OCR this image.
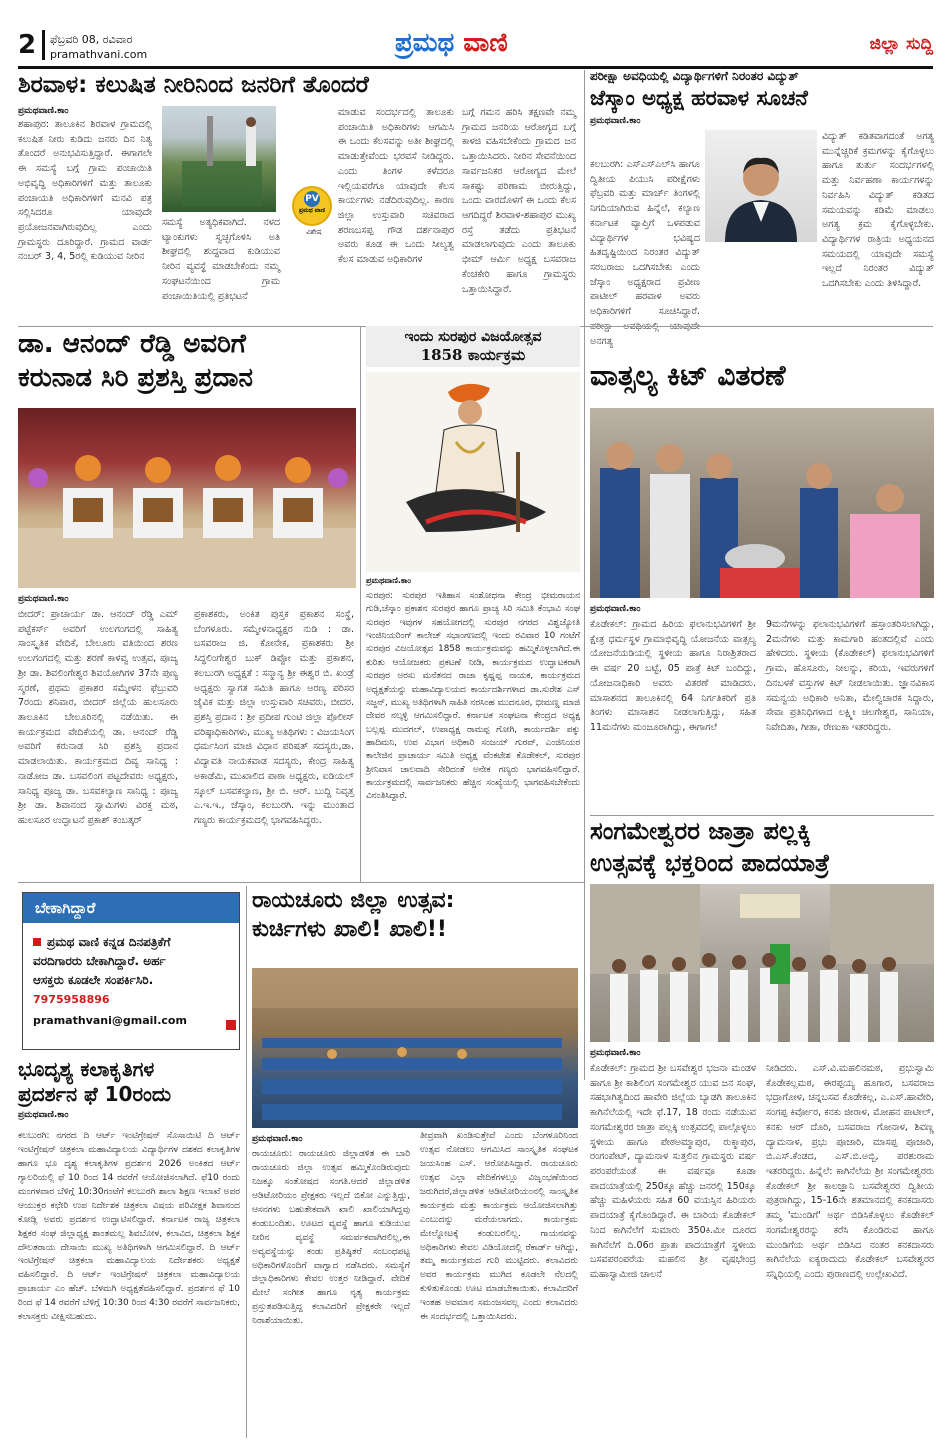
2 ಫೆಬ್ರವರಿ 08, ರವಿವಾರ
pramathvani.com	ಪ್ರಮಥ ವಾಣಿ	ಜಿಲ್ಲಾ ಸುದ್ದಿ
ಶಿರವಾಳ: ಕಲುಷಿತ ನೀರಿನಿಂದ ಜನರಿಗೆ ತೊಂದರೆ
ಪ್ರಮಥವಾಣಿ.ಕಾಂ
ಶಹಾಪುರ: ತಾಲೂಕಿನ ಶಿರವಾಳ ಗ್ರಾಮದಲ್ಲಿ ಕಲುಷಿತ ನೀರು ಕುಡಿದು ಜನರು ದಿನ ನಿತ್ಯ ತೊಂದರೆ ಅನುಭವಿಸುತ್ತಿದ್ದಾರೆ. ಈಗಾಗಲೇ ಈ ಸಮಸ್ಯೆ ಬಗ್ಗೆ ಗ್ರಾಮ ಪಂಚಾಯಿತಿ ಅಭಿವೃದ್ಧಿ ಅಧಿಕಾರಿಗಳಿಗೆ ಮತ್ತು ತಾಲೂಕು ಪಂಚಾಯತಿ ಅಧಿಕಾರಿಗಳಿಗೆ ಮನವಿ ಪತ್ರ ಸಲ್ಲಿಸಿದರೂ ಯಾವುದೇ ಪ್ರಯೋಜನವಾಗಿರುವುದಿಲ್ಲ ಎಂದು ಗ್ರಾಮಸ್ಥರು ದೂರಿದ್ದಾರೆ. ಗ್ರಾಮದ ವಾರ್ಡ ನಂಬರ್ 3, 4, 5ರಲ್ಲಿ ಕುಡಿಯುವ ನೀರಿನ
ಸಮಸ್ಯೆ ಅತ್ಯಧಿಕವಾಗಿದೆ. ನಳದ ಟ್ಯಾಂಕುಗಳು ಸ್ವಚ್ಛಗೊಳಿಸಿ ಅತಿ ಶೀಘ್ರದಲ್ಲಿ ಶುದ್ಧವಾದ ಕುಡಿಯುವ ನೀರಿನ ವ್ಯವಸ್ಥೆ ಮಾಡಬೇಕೆಂದು ನಮ್ಮ ಸಂಘಟನೆಯಿಂದ ಗ್ರಾಮ ಪಂಚಾಯಿತಿಯಲ್ಲಿ ಪ್ರತಿಭಟನೆ
PV
ಪ್ರಮಥ ವಾಣಿ
ವಿಶೇಷ
ಮಾಡುವ ಸಂದರ್ಭದಲ್ಲಿ ತಾಲೂಕು ಪಂಚಾಯಿತಿ ಅಧಿಕಾರಿಗಳು ಆಗಮಿಸಿ ಈ ಒಂದು ಕೆಲಸವನ್ನು ಅತೀ ಶೀಘ್ರದಲ್ಲಿ ಮಾಡುತ್ತೇವೆಂದು ಭರವಸೆ ನೀಡಿದ್ದರು. ಎಂದು ತಿಂಗಳ ಕಳೆದರೂ ಇಲ್ಲಿಯವರೆಗೂ ಯಾವುದೇ ಕೆಲಸ ಕಾರ್ಯಗಳು ನಡೆದಿರುವುದಿಲ್ಲ. ಕಾರಣ ಜಿಲ್ಲಾ ಉಸ್ತುವಾರಿ ಸಚಿವರಾದ ಶರಣಬಸಪ್ಪ ಗೌಡ ದರ್ಶನಾಪುರ ಅವರು ಕೂಡ ಈ ಒಂದು ಸೀಲ್ಯತ್ವ ಕೆಲಸ ಮಾಡುವ ಅಧಿಕಾರಿಗಳ
ಬಗ್ಗೆ ಗಮನ ಹರಿಸಿ ತಕ್ಷಣವೇ ನಮ್ಮ ಗ್ರಾಮದ ಜನರಿಯ ಆರೋಗ್ಯದ ಬಗ್ಗೆ ಕಾಳಜಿ ವಹಿಸಬೇಕೆಂದು ಗ್ರಾಮದ ಜನ ಒತ್ತಾಯಿಸಿದರು. ನೀರಿನ ಸೇವನೆಯಿಂದ ಸಾರ್ವಜನಿಕರ ಆರೋಗ್ಯದ ಮೇಲೆ ಸಾಕಷ್ಟು ಪರಿಣಾಮ ಬೀರುತ್ತಿದ್ದು, ಒಂದು ವಾರದೊಳಗೆ ಈ ಒಂದು ಕೆಲಸ ಆಗದಿದ್ದರೆ ಶಿರವಾಳ-ಶಹಾಪುರ ಮುಖ್ಯ ರಸ್ತೆ ತಡೆದು ಪ್ರತಿಭಟನೆ ಮಾಡಲಾಗುವುದು ಎಂದು ತಾಲೂಕು ಭೀಮ್ ಆರ್ಮಿ ಅಧ್ಯಕ್ಷ ಬಸವರಾಜ ಕೆಂಚಕೇರಿ ಹಾಗೂ ಗ್ರಾಮಸ್ಥರು ಒತ್ತಾಯಿಸಿದ್ದಾರೆ.
ಪರೀಕ್ಷಾ ಅವಧಿಯಲ್ಲಿ ವಿದ್ಯಾರ್ಥಿಗಳಿಗೆ ನಿರಂತರ ವಿದ್ಯುತ್
ಜೆಸ್ಕಾಂ ಅಧ್ಯಕ್ಷ ಹರವಾಳ ಸೂಚನೆ
ಪ್ರಮಥವಾಣಿ.ಕಾಂ
ಕಲಬುರಗಿ: ಎಸ್‌ಎಸ್‌ಎಲ್‌ಸಿ ಹಾಗೂ ದ್ವಿತೀಯ ಪಿಯುಸಿ ಪರೀಕ್ಷೆಗಳು ಫೆಬ್ರವರಿ ಮತ್ತು ಮಾರ್ಚ್ ತಿಂಗಳಲ್ಲಿ ನಿಗದಿಯಾಗಿರುವ ಹಿನ್ನೆಲೆ, ಕಲ್ಯಾಣ ಕರ್ನಾಟಕ ವ್ಯಾಪ್ತಿಗೆ ಒಳಪಡುವ ವಿದ್ಯಾರ್ಥಿಗಳ ಭವಿಷ್ಯದ ಹಿತದೃಷ್ಟಿಯಿಂದ ನಿರಂತರ ವಿದ್ಯುತ್ ಸರಬರಾಜು ಒದಗಿಸಬೇಕು ಎಂದು ಜೆಸ್ಕಾಂ ಅಧ್ಯಕ್ಷರಾದ ಪ್ರವೀಣ ಪಾಟೀಲ್ ಹರವಾಳ ಅವರು ಅಧಿಕಾರಿಗಳಿಗೆ ಸೂಚಿಸಿದ್ದಾರೆ. ಅನಗತ್ಯ
ವಿದ್ಯುತ್ ಕಡಿತವಾಗದಂತೆ ಅಗತ್ಯ ಮುನ್ನೆಚ್ಚರಿಕೆ ಕ್ರಮಗಳನ್ನು ಕೈಗೊಳ್ಳಲು ಹಾಗೂ ತುರ್ತು ಸಂದರ್ಭಗಳಲ್ಲಿ ಮತ್ತು ನಿರ್ವಹಣಾ ಕಾರ್ಯಗಳನ್ನು ನಿರ್ವಹಿಸಿ ವಿದ್ಯುತ್ ಕಡಿತದ ಸಮಯವನ್ನು ಕಡಿಮೆ ಮಾಡಲು ಅಗತ್ಯ ಕ್ರಮ ಕೈಗೊಳ್ಳಬೇಕು. ವಿದ್ಯಾರ್ಥಿಗಳ ರಾತ್ರಿಯ ಅಧ್ಯಯನದ ಸಮಯದಲ್ಲಿ ಯಾವುದೇ ಸಮಸ್ಯೆ ಇಲ್ಲದೆ ನಿರಂತರ ವಿದ್ಯುತ್ ಒದಗಿಸಬೇಕು ಎಂದು ತಿಳಿಸಿದ್ದಾರೆ.
ಡಾ. ಆನಂದ್ ರೆಡ್ಡಿ ಅವರಿಗೆ
ಕರುನಾಡ ಸಿರಿ ಪ್ರಶಸ್ತಿ ಪ್ರದಾನ
ಪ್ರಮಥವಾಣಿ.ಕಾಂ
ಬೀದರ್: ಪ್ರಾಚಾರ್ಯ ಡಾ. ಆನಂದ್ ರೆಡ್ಡಿ ಎಮ್ ಪಟ್ಟೆಕರ್ಸ್ ಅವರಿಗೆ ಉಲಗಂಗದಲ್ಲಿ ಸಾಹಿತ್ಯ ಸಾಂಸ್ಕೃತಿಕ ವೇದಿಕೆ, ಬೇಲೂರು ವತಿಯಿಂದ ಶರಣ ಉಲಗಂಗದಲ್ಲಿ ಮತ್ತು ಶರಣೆ ಕಾಳವ್ವ ಉತ್ಸವ, ಪೂಜ್ಯ ಶ್ರೀ ಡಾ. ಶಿವಲಿಂಗೇಶ್ವರ ಶಿವಯೋಗಿಗಳ 37ನೇ ಪುಣ್ಯ ಸ್ಮರಣೆ, ಪ್ರಥಮ ಪ್ರಕಾಶರ ಸಮ್ಮೇಳನ ಫೆಬ್ರುವರಿ 7ರಂದು ಶನಿವಾರ, ಬೀದರ್ ಜಿಲ್ಲೆಯ ಹುಲಸೂರು ತಾಲೂಕಿನ ಬೇಲೂರಿನಲ್ಲಿ ನಡೆಯಿತು. ಈ ಕಾರ್ಯಕ್ರಮದ ವೇದಿಕೆಯಲ್ಲಿ ಡಾ. ಆನಂದ್ ರೆಡ್ಡಿ ಅವರಿಗೆ ಕರುನಾಡ ಸಿರಿ ಪ್ರಶಸ್ತಿ ಪ್ರದಾನ ಮಾಡಲಾಯಿತು. ಕಾರ್ಯಕ್ರಮದ ದಿವ್ಯ ಸಾನಿಧ್ಯ : ನಾಡೋಜ ಡಾ. ಬಸವಲಿಂಗ ಪಟ್ಟದೇವರು ಅಧ್ಯಕ್ಷರು, ಸಾನಿಧ್ಯ ಪೂಜ್ಯ ಡಾ. ಬಸವಕಲ್ಯಾಣ ಸಾನಿಧ್ಯ : ಪೂಜ್ಯ ಶ್ರೀ ಡಾ. ಶಿವಾನಂದ ಸ್ವಾಮಿಗಳು ವಿರಕ್ತ ಮಠ, ಹುಲಸೂರ ಉದ್ಘಾಟನೆ ಪ್ರಕಾಶ್ ಕಂಬತ್ಕರ್
ಪ್ರಕಾಶಕರು, ಅಂಕಿತ ಪುಸ್ತಕ ಪ್ರಕಾಶನ ಸಂಸ್ಥೆ, ಬೆಂಗಳೂರು. ಸಮ್ಮೇಳನಾಧ್ಯಕ್ಷರ ನುಡಿ : ಡಾ. ಬಸವರಾಜ ಜಿ. ಕೋನೇಕ, ಪ್ರಕಾಶಕರು ಶ್ರೀ ಸಿದ್ಧಲಿಂಗೇಶ್ವರ ಬುಕ್ ಡಿಪ್ಪೋ ಮತ್ತು ಪ್ರಕಾಶನ, ಕಲಬುರಗಿ ಅಧ್ಯಕ್ಷತೆ : ಸನ್ಮಾನ್ಯ ಶ್ರೀ ಈಶ್ವರ ಬಿ. ಖಂಡ್ರೆ ಅಧ್ಯಕ್ಷರು ಸ್ವಾಗತ ಸಮಿತಿ ಹಾಗೂ ಅರಣ್ಯ ಪರಿಸರ ಜೈವಿಕ ಮತ್ತು ಜಿಲ್ಲಾ ಉಸ್ತುವಾರಿ ಸಚಿವರು, ಬೀದರ. ಪ್ರಶಸ್ತಿ ಪ್ರದಾನ : ಶ್ರೀ ಪ್ರದೀಪ ಗುಂಟಿ ಜಿಲ್ಲಾ ಪೊಲೀಸ್ ವರಿಷ್ಠಾಧಿಕಾರಿಗಳು, ಮುಖ್ಯ ಅತಿಥಿಗಳು : ವಿಜಯಸಿಂಗ ಧರ್ಮಸಿಂಗ ಮಾಜಿ ವಿಧಾನ ಪರಿಷತ್ ಸದಸ್ಯರು,ಡಾ. ವಿದ್ಯಾವತಿ ನಾಯಕವಾಡ ಸದಸ್ಯರು, ಕೇಂದ್ರ ಸಾಹಿತ್ಯ ಅಕಾಡೆಮಿ, ಮುಖಾಲಿದ ಪಾಠಾ ಅಧ್ಯಕ್ಷರು, ಐಡಿಯಲ್ ಸ್ಕೂಲ್ ಬಸವಕಲ್ಯಾಣ, ಶ್ರೀ ಬಿ. ಆರ್. ಬುದ್ದಿ ನಿವೃತ್ತ ಎ.ಇ.ಇ., ಜೆಸ್ಕಾಂ, ಕಲಬುರಗಿ. ಇನ್ನು ಮುಂತಾದ ಗಣ್ಯರು ಕಾರ್ಯಕ್ರಮದಲ್ಲಿ ಭಾಗವಹಿಸಿದ್ದರು.
ಇಂದು ಸುರಪುರ ವಿಜಯೋತ್ಸವ
1858 ಕಾರ್ಯಕ್ರಮ
ಪ್ರಮಥವಾಣಿ.ಕಾಂ
ಸುರಪುರ: ಸುರಪುರ ಇತಿಹಾಸ ಸಂಶೋಧನಾ ಕೇಂದ್ರ ಭೀಮರಾಯನ ಗುಡಿ,ಜೆಸ್ಕಾಂ ಪ್ರಕಾಶನ ಸುರಪುರ ಹಾಗೂ ಪ್ರಾಚ್ಯ ಸಿರಿ ಸಮಿತಿ ಕೆಂಭಾವಿ ಸಂಘ ಸುರಪುರ ಇವುಗಳ ಸಹಯೋಗದಲ್ಲಿ ಸುರಪುರ ನಗರದ ವಿಶ್ವಜ್ಯೋತಿ ಇಂಜಿನಿಯರಿಂಗ್ ಕಾಲೇಜ್ ಸಭಾಂಗಣದಲ್ಲಿ ಇಂದು ರವಿವಾರ 10 ಗಂಟೆಗೆ ಸುರಪುರ ವಿಜಯೋತ್ಸವ 1858 ಕಾರ್ಯಕ್ರಮವನ್ನು ಹಮ್ಮಿಕೊಳ್ಳಲಾಗಿದೆ.ಈ ಕುರಿತು ಆಯೋಜಕರು ಪ್ರಕಟಣೆ ನೀಡಿ, ಕಾರ್ಯಕ್ರಮದ ಉದ್ಘಾಟಕರಾಗಿ ಸುರಪುರ ಅರಸು ಮನೆತನದ ರಾಜಾ ಕೃಷ್ಣಪ್ಪ ನಾಯಕ, ಕಾರ್ಯಕ್ರಮದ ಅಧ್ಯಕ್ಷತೆಯನ್ನು ಮಹಾವಿದ್ಯಾಲಯದ ಕಾರ್ಯದರ್ಶಿಗಳಾದ ಡಾ.ಸುರೇಶ ಎಸ್ ಸಜ್ಜನ್, ಮುಖ್ಯ ಅತಿಥಿಗಳಾಗಿ ಸಾಹಿತಿ ನರಸಿಂಹ ಮುದನೂರ, ಭೀಮಣ್ಣ ಮಾಜಿ ದೇವರ ನಲ್ಕಳ್ಳಿ ಆಗಮಿಸಲಿದ್ದಾರೆ. ಕರ್ನಾಟಕ ಸಂಘಟನಾ ಕೇಂದ್ರದ ಅಧ್ಯಕ್ಷ ಬಲ್ಲಪ್ಪ ಮುದಗಲ್, ಉಪಾಧ್ಯಕ್ಷ ರಾಮಪ್ಪ ಗೋಗಿ, ಕಾರ್ಯದರ್ಶಿ ಪಕ್ಕು ಹಾದಿಮನಿ, ಉಪ ವಿಭಾಗ ಅಧಿಕಾರಿ ಸಂಜಯ್ ಗುರವ್, ಎಂಜಿನಿಯರ ಕಾಲೇಜಿನ ಪ್ರಾಚಾರ್ಯ ಸಮಿತಿ ಅಧ್ಯಕ್ಷ ವೆಂಕಟೇಶ ಕೊಡೇಕಲ್, ಸುರಪುರ ಶ್ರೀನಿವಾಸ ಜಾಲವಾದಿ ಸೇರಿದಂತೆ ಅನೇಕ ಗಣ್ಯರು ಭಾಗವಹಿಸಲಿದ್ದಾರೆ. ಕಾರ್ಯಕ್ರಮದಲ್ಲಿ ಸಾರ್ವಜನಿಕರು ಹೆಚ್ಚಿನ ಸಂಖ್ಯೆಯಲ್ಲಿ ಭಾಗವಹಿಸಬೇಕೆಂದು ವಿನಂತಿಸಿದ್ದಾರೆ.
ವಾತ್ಸಲ್ಯ ಕಿಟ್ ವಿತರಣೆ
ಪ್ರಮಥವಾಣಿ.ಕಾಂ
ಕೊಡೇಕಲ್: ಗ್ರಾಮದ ಹಿರಿಯ ಫಲಾನುಭವಿಗಳಿಗೆ ಶ್ರೀ ಕ್ಷೇತ್ರ ಧರ್ಮಸ್ಥಳ ಗ್ರಾಮಾಭಿವೃದ್ಧಿ ಯೋಜನೆಯ ವಾತ್ಸಲ್ಯ ಯೋಜನೆಯಡಿಯಲ್ಲಿ ಸ್ಥಳೀಯ ಹಾಗೂ ನಿರಾಶ್ರಿತರಾದ ಈ ವರ್ಷ 20 ಬಟ್ಟೆ, 05 ಪಾತ್ರೆ ಕಿಟ್ ಬಂದಿದ್ದು, ಯೋಜನಾಧಿಕಾರಿ ಅವರು ವಿತರಣೆ ಮಾಡಿದರು. ಮಾಸಾಶನದ ತಾಲೂಕಿನಲ್ಲಿ 64 ನಿರ್ಗತಿಕರಿಗೆ ಪ್ರತಿ ತಿಂಗಳು ಮಾಸಾಶನ ನೀಡಲಾಗುತ್ತಿದ್ದು, ಸಹಿತ 11ಮನೆಗಳು ಮಂಜೂರಾಗಿದ್ದು, ಈಗಾಗಲೆ
9ಮನೆಗಳನ್ನು ಫಲಾನುಭವಿಗಳಿಗೆ ಹಸ್ತಾಂತರಿಸಲಾಗಿದ್ದು, 2ಮನೆಗಳು ಮತ್ತು ಕಾಮಗಾರಿ ಹಂತದಲ್ಲಿವೆ ಎಂದು ಹೇಳಿದರು. ಸ್ಥಳೀಯ (ಕೊಡೇಕಲ್) ಫಲಾನುಭವಿಗಳಿಗೆ ಗ್ರಾಮ, ಹೊಸೂರು, ನೀಲನ್ನು, ಕರಿಯ, ಇವರುಗಳಿಗೆ ದಿನಬಳಕೆ ವಸ್ತುಗಳ ಕಿಟ್ ನೀಡಲಾಯಿತು. ಜ್ಞಾನವಿಕಾಸ ಸಮನ್ವಯ ಅಧಿಕಾರಿ ಅನಿತಾ, ಮೇಲ್ವಿಚಾರಕ ಸಿದ್ದಾರು, ಸೇವಾ ಪ್ರತಿನಿಧಿಗಳಾದ ಲಕ್ಷ್ಮೀ ಚಿಲಗೇಶ್ವರ, ಸಾನಿಯಾ, ನಿವೇದಿತಾ, ಗೀತಾ, ರೇಣುಕಾ ಇತರರಿದ್ದರು.
ಸಂಗಮೇಶ್ವರರ ಜಾತ್ರಾ ಪಲ್ಲಕ್ಕಿ
ಉತ್ಸವಕ್ಕೆ ಭಕ್ತರಿಂದ ಪಾದಯಾತ್ರೆ
ಪ್ರಮಥವಾಣಿ.ಕಾಂ
ಕೊಡೇಕಲ್: ಗ್ರಾಮದ ಶ್ರೀ ಬಸವೇಶ್ವರ ಭಜನಾ ಮಂಡಳ ಹಾಗೂ ಶ್ರೀ ಕಾಶಿಲಿಂಗ ಸಂಗಮೇಶ್ವರ ಯುವ ಜನ ಸಂಘ, ಸಹಭಾಗಿತ್ವದಿಂದ ಹಾವೇರಿ ಜಿಲ್ಲೆಯ ಬ್ಯಾಡಗಿ ತಾಲೂಕಿನ ಕಾಗಿನೆಲೆಯಲ್ಲಿ ಇದೇ ಫೆ.17, 18 ರಂದು ನಡೆಯುವ ಸಂಗಮೇಶ್ವರರ ಜಾತ್ರಾ ಪಲ್ಲಕ್ಕಿ ಉತ್ಸವದಲ್ಲಿ ಪಾಲ್ಗೊಳ್ಳಲು ಸ್ಥಳೀಯ ಹಾಗೂ ಪೇಠಅಮ್ಮಾಪುರ, ರುಕ್ಮಾಪುರ, ರಂಗಂಪೇಟ್, ದ್ಯಾಮನಾಳ ಸುತ್ತಲಿನ ಗ್ರಾಮಸ್ಥರು ವರ್ಷ ಪರಂಪರೆಯಂತೆ ಈ ವರ್ಷವೂ ಕೂಡಾ ಪಾದಯಾತ್ರೆಯಲ್ಲಿ 250ಕ್ಕೂ ಹೆಚ್ಚು ಜನರಲ್ಲಿ 150ಕ್ಕೂ ಹೆಚ್ಚು ಮಹಿಳೆಯರು ಸಹಿತ 60 ವಯಸ್ಸಿನ ಹಿರಿಯರು ಪಾದಯಾತ್ರೆ ಕೈಗೊಂಡಿದ್ದಾರೆ. ಈ ಬಾರಿಯ ಕೊಡೇಕಲ್ ನಿಂದ ಕಾಗಿನೆಲೆಗೆ ಸುಮಾರು 350ಕಿ.ಮೀ ದೂರದ ಕಾಗಿನೆಲೆಗೆ ದಿ.06ರ ಪ್ರಾತಃ ಪಾದಯಾತ್ರೆಗೆ ಸ್ಥಳೀಯ ಬಸವಪರಂಪರೆಯ ಮಹಲಿನ ಶ್ರೀ ವೃಷಭೇಂದ್ರ ಮಹಾಸ್ವಾಮೀಜಿ ಚಾಲನೆ
ನೀಡಿದರು. ಎಸ್.ವಿ.ಮಹಲಿನಮಠ, ಪ್ರಭುಸ್ವಾಮಿ ಕೊಡೇಕಲ್ಲಮಠ, ಈರಪ್ಪಯ್ಯ ಹೂಗಾರ, ಬಸವರಾಜ ಭದ್ರಾಗೋಳ, ಚನ್ನಬಸವ ಕೊಡೇಕಲ್ಲ, ಎ.ಎಸ್.ಹಾವೇರಿ, ಸಂಗಪ್ಪ ಕಿರ್ವೋರ, ಕನಕು ಜೀರಾಳ, ಮೋಹನ ಪಾಟೀಲ್, ಕನಕು ಆರ್ ದೊರಿ, ಬಸವರಾಜ ಗೋನಾಳ, ಶಿವಣ್ಣ ದ್ಯಾಮನಾಳ, ಪ್ರಭು ಪೂಜಾರಿ, ಮಾಸಪ್ಪ ಪೂಜಾರಿ, ಬಿ.ಎಸ್.ಕೆಂಡದ, ಎಸ್.ಬಿ.ಅಬ್ಬಿ, ಪರಶುರಾಮ ಇತರರಿದ್ದರು. ಹಿನ್ನೆಲೆ: ಕಾಗಿನೆಲೆಯ ಶ್ರೀ ಸಂಗಮೇಶ್ವರರು ಕೊಡೇಕಲ್ ಶ್ರೀ ಕಾಲಜ್ಞಾನಿ ಬಸವೇಶ್ವರರ ದ್ವಿತೀಯ ಪುತ್ರರಾಗಿದ್ದು, 15-16ನೇ ಶತಮಾನದಲ್ಲಿ ಕನಕದಾಸರು ತಮ್ಮ 'ಮುಂಡಿಗೆ' ಅರ್ಥ ಬಿಡಿಸಿಕೊಳ್ಳಲು ಕೊಡೇಕಲ್ ಸಂಗಮೇಶ್ವರರನ್ನು ಕರೆಸಿ ಕೊಂಡಿರುವ ಹಾಗೂ ಮುಂಡಿಗೆಯ ಅರ್ಥ ಬಿಡಿಸಿದ ನಂತರ ಕನಕದಾಸರು ಕಾಗಿನೆಲೆಯ ಐಕ್ಯರಾದುದು ಕೊಡೇಕಲ್ ಬಸವೇಶ್ವರರ ಸನ್ನಿಧಿಯಲ್ಲಿ ಎಂದು ಪುರಾಣದಲ್ಲಿ ಉಲ್ಲೇಖವಿದೆ.
ಬೇಕಾಗಿದ್ದಾರೆ
ಪ್ರಮಥ ವಾಣಿ ಕನ್ನಡ ದಿನಪತ್ರಿಕೆಗೆ
ವರದಿಗಾರರು ಬೇಕಾಗಿದ್ದಾರೆ. ಅರ್ಹ
ಆಸಕ್ತರು ಕೂಡಲೇ ಸಂಪರ್ಕಿಸಿರಿ.
7975958896
pramathvani@gmail.com
ಭೂದೃಶ್ಯ ಕಲಾಕೃತಿಗಳ
ಪ್ರದರ್ಶನ ಫೆ 10ರಂದು
ಪ್ರಮಥವಾಣಿ.ಕಾಂ
ಕಲಬುರಗಿ: ನಗರದ ದಿ ಆರ್ಟ್ ಇಂಟಿಗ್ರೇಷನ್ ಸೊಸಾಯಿಟಿ ದಿ ಆರ್ಟ್ ಇಂಟಿಗ್ರೇಷನ್ ಚಿತ್ರಕಲಾ ಮಹಾವಿದ್ಯಾಲಯ ವಿದ್ಯಾರ್ಥಿಗಳ ದಶಕದ ಕಲಾಕೃತಿಗಳ ಹಾಗೂ ಭೂ ದೃಶ್ಯ ಕಲಾಕೃತಿಗಳ ಪ್ರದರ್ಶನ 2026 ಅಂಕಿತದ ಆರ್ಟ್ ಗ್ಯಾಲರಿಯಲ್ಲಿ ಫೆ 10 ರಿಂದ 14 ರವರೆಗೆ ಆಯೋಜಿಸಲಾಗಿದೆ. ಫೆ10 ರಂದು ಮಂಗಳವಾರ ಬೆಳಿಗ್ಗೆ 10:30ಗಂಟೆಗೆ ಕಲಬುರಗಿ ಶಾಲಾ ಶಿಕ್ಷಣ ಇಲಾಖೆ ಅಪರ ಆಯುಕ್ತರ ಕಛೇರಿ ಉಪ ನಿರ್ದೇಶಕ ಚಿತ್ರಕಲಾ ವಿಷಯ ಪರಿವೀಕ್ಷಕ ಶಿವಾನಂದ ಕೋಡ್ಲಿ ಅವರು ಪ್ರದರ್ಶನ ಉದ್ಘಾಟಿಸಲಿದ್ದಾರೆ. ಕರ್ನಾಟಕ ರಾಜ್ಯ ಚಿತ್ರಕಲಾ ಶಿಕ್ಷಕರ ಸಂಘ ಜಿಲ್ಲಾಧ್ಯಕ್ಷ ಶಾಂತಮಲ್ಲ ಶಿವಬೋಳ, ಕಲಾವಿದ, ಚಿತ್ರಕಲಾ ಶಿಕ್ಷಕ ದೌಲತರಾಯ ದೇಸಾಯಿ ಮುಖ್ಯ ಅತಿಥಿಗಳಾಗಿ ಆಗಮಿಸಲಿದ್ದಾರೆ. ದಿ ಆರ್ಟ್ ಇಂಟಿಗ್ರೇಷನ್ ಚಿತ್ರಕಲಾ ಮಹಾವಿದ್ಯಾಲಯ ನಿರ್ದೇಶಕರು ಅಧ್ಯಕ್ಷತೆ ವಹಿಸಲಿದ್ದಾರೆ. ದಿ ಆರ್ಟ್ ಇಂಟಿಗ್ರೇಷನ್ ಚಿತ್ರಕಲಾ ಮಹಾವಿದ್ಯಾಲಯ ಪ್ರಾಚಾರ್ಯ ಎಂ ಹೆಚ್. ಬೆಳಮಗಿ ಅಧ್ಯಕ್ಷತೆವಹಿಸಲಿದ್ದಾರೆ. ಪ್ರದರ್ಶನ ಫೆ 10 ರಿಂದ ಫೆ 14 ರವರೆಗೆ ಬೆಳಿಗ್ಗೆ 10:30 ರಿಂದ 4:30 ರವರೆಗೆ ಸಾರ್ವಜನಿಕರು, ಕಲಾಸಕ್ತರು ವೀಕ್ಷಿಸಬಹುದು.
ರಾಯಚೂರು ಜಿಲ್ಲಾ ಉತ್ಸವ:
ಕುರ್ಚಿಗಳು ಖಾಲಿ! ಖಾಲಿ!!
ಪ್ರಮಥವಾಣಿ.ಕಾಂ
ರಾಯಚೂರು: ರಾಯಚೂರು ಜಿಲ್ಲಾಡಳಿತ ಈ ಬಾರಿ ರಾಯಚೂರು ಜಿಲ್ಲಾ ಉತ್ಸವ ಹಮ್ಮಿಕೊಂಡಿರುವುದು ನಿಜಕ್ಕೂ ಸಂತೋಷದ ಸಂಗತಿ.ಆದರೆ ಜಿಲ್ಲಾಡಳಿತ ಆಡಿಟೋರಿಯಂ ಪ್ರೇಕ್ಷಕರು ಇಲ್ಲದೆ ಬಿಕೋ ಎನ್ನುತ್ತಿದ್ದು, ಆಸನಗಳು ಬಹುತೇಕವಾಗಿ ಖಾಲಿ ಖಾಲಿಯಾಗಿದ್ದವು ಕಂಡುಬಂದಿತು. ಊಟದ ವ್ಯವಸ್ಥೆ ಹಾಗೂ ಕುಡಿಯುವ ನೀರಿನ ವ್ಯವಸ್ಥೆ ಸಮರ್ಪಕವಾಗಿರಲಿಲ್ಲ,ಈ ಅವ್ಯವಸ್ಥೆಯನ್ನು ಕಂಡು ಪ್ರತಿಷ್ಠಿತರೆ ಸಂಬಂಧಪಟ್ಟ ಅಧಿಕಾರಿಗಳೊಂದಿಗೆ ವಾಗ್ವಾದ ನಡೆಸಿದರು. ಸಮಸ್ಯೆಗೆ ಜಿಲ್ಲಾಧಿಕಾರಿಗಳು ಕೇವಲ ಉತ್ತರ ನೀಡಿದ್ದಾರೆ. ವೇದಿಕೆ ಮೇಲೆ ಸಂಗೀತ ಹಾಗೂ ನೃತ್ಯ ಕಾರ್ಯಕ್ರಮ ಪ್ರಸ್ತುತಪಡಿಸುತ್ತಿದ್ದ ಕಲಾವಿದರಿಗೆ ಪ್ರೇಕ್ಷಕರೇ ಇಲ್ಲದೆ ನಿರಾಶೆಯಾಯಿತು.
ತೀವ್ರವಾಗಿ ಖಂಡಿಸುತ್ತೇವೆ ಎಂದು ಬೆಂಗಳೂರಿನಿಂದ ಉತ್ಸವ ನೋಡಲು ಆಗಮಿಸಿದ ಸಾಂಸ್ಕೃತಿಕ ಸಂಘಟಕ ಜಯಸಿಂಹ ಎಸ್. ಆರೋಪಿಸಿದ್ದಾರೆ. ರಾಯಚೂರು ಉತ್ಸವ ಎಲ್ಲಾ ವೇದಿಕೆಗಳಲ್ಲೂ ವಿಜೃಂಭಣೆಯಿಂದ ಜರುಗಿದರೆ,ಜಿಲ್ಲಾಡಳಿತ ಆಡಿಟೋರಿಯಂನಲ್ಲಿ ಸಾಂಸ್ಕೃತಿಕ ಕಾರ್ಯಕ್ರಮ ಮತ್ತು ಕಾರ್ಯಕ್ರಮ ಆಯೋಜಿಸಲಾಗಿತ್ತು ಎಂಬುದನ್ನು ಮರೆಯಲಾಗದು. ಕಾರ್ಯಕ್ರಮ ಮೇಲ್ನೋಟಕ್ಕೆ ಕಂಡುಬರಲಿಲ್ಲ. ಗಾಯನವನ್ನು ಅಧಿಕಾರಿಗಳು ಕೇವಲ ವಿಡಿಯೋದಲ್ಲಿ ರೆಕಾರ್ಡ್ ಆಗಿದ್ದು, ತಮ್ಮ ಕಾರ್ಯಕ್ರಮದ ಗುರಿ ಮುಟ್ಟಿದರು. ಕಲಾವಿದರು ಅವರ ಕಾರ್ಯಕ್ರಮ ಮುಗಿದ ಕೂಡಲೇ ನೆಲದಲ್ಲಿ ಕುಳಿತುಕೊಂಡು ಊಟ ಮಾಡಬೇಕಾಯಿತು. ಕಲಾವಿದರಿಗೆ ಇಂತಹ ಅವಮಾನ ಸಮಂಜಸವಲ್ಲ ಎಂದು ಕಲಾವಿದರು ಈ ಸಂದರ್ಭದಲ್ಲಿ ಒತ್ತಾಯಿಸಿದರು.
